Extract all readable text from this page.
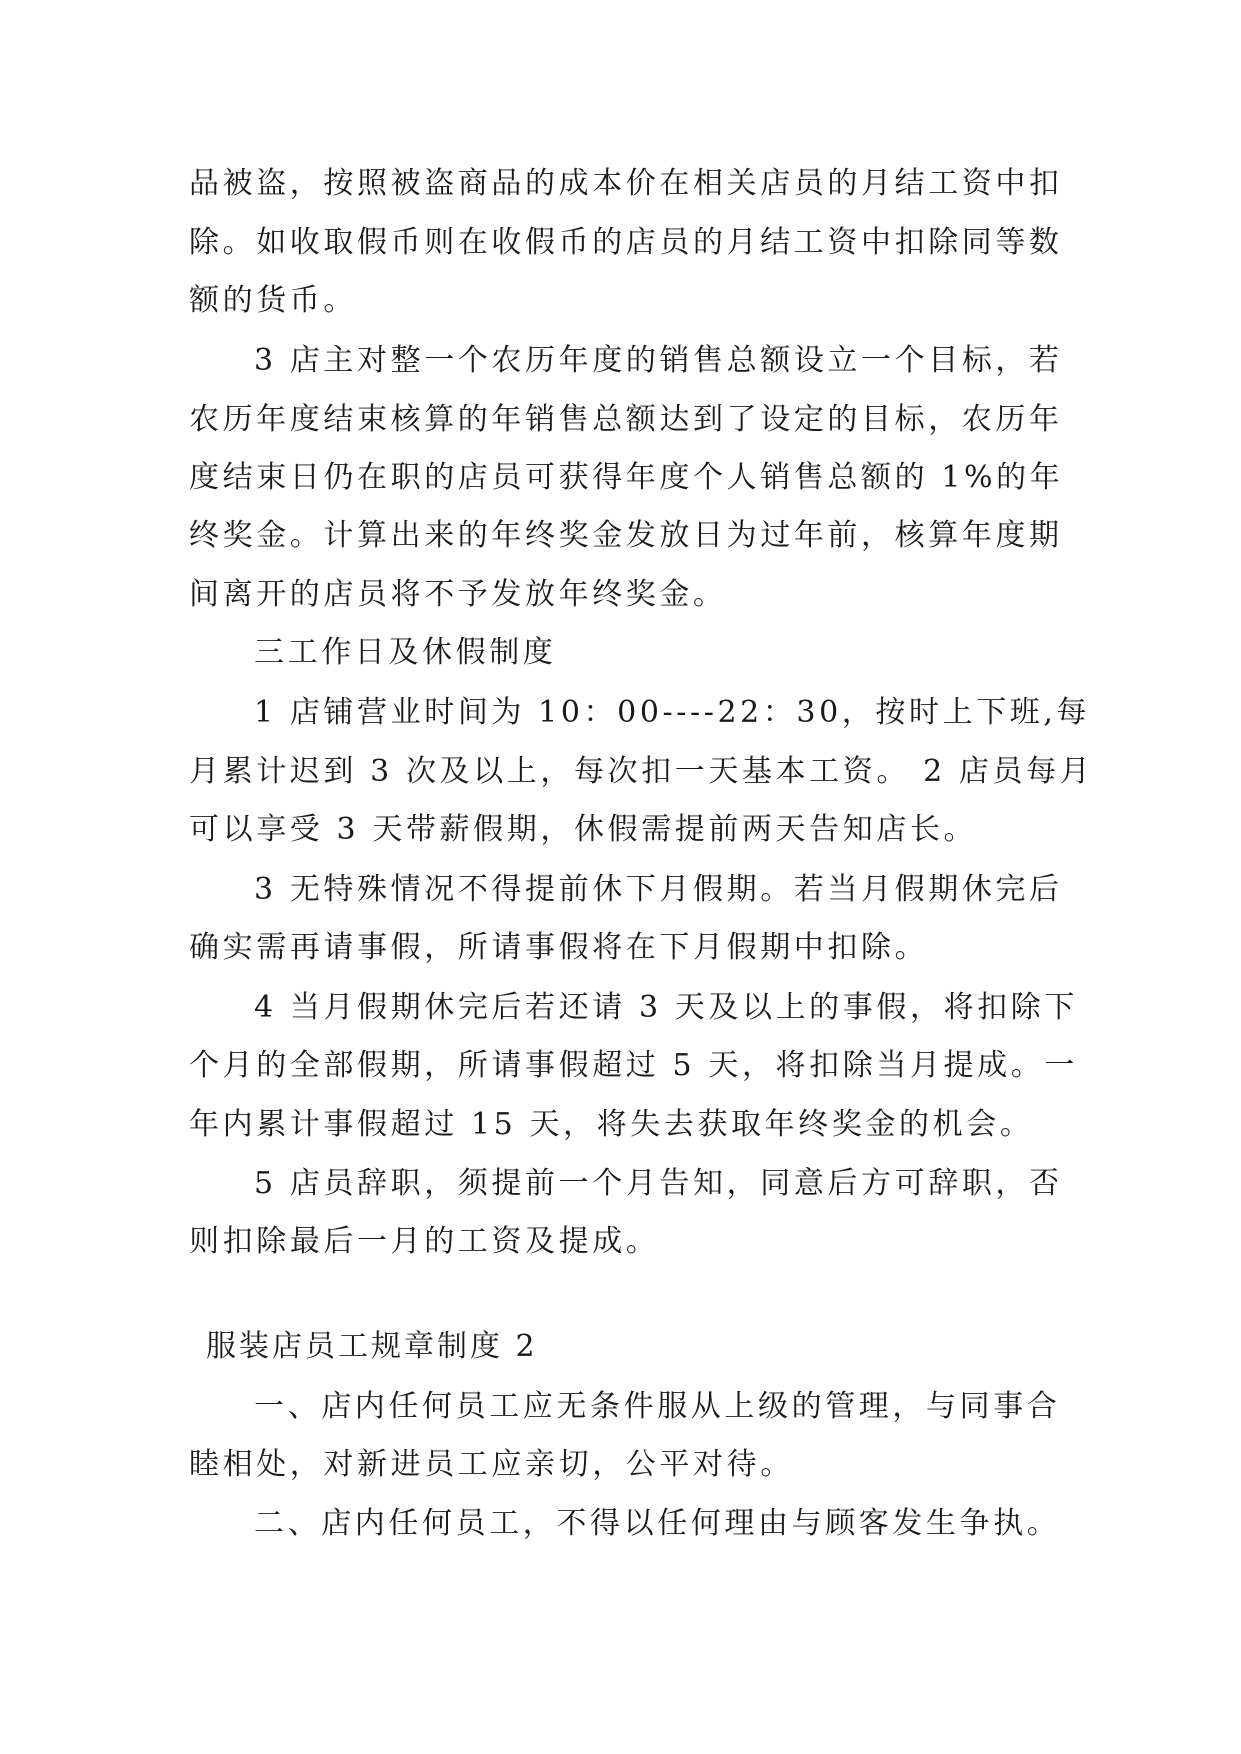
品被盗，按照被盗商品的成本价在相关店员的月结工资中扣
除。如收取假币则在收假币的店员的月结工资中扣除同等数
额的货币。
3 店主对整一个农历年度的销售总额设立一个目标，若
农历年度结束核算的年销售总额达到了设定的目标，农历年
度结束日仍在职的店员可获得年度个人销售总额的 1%的年
终奖金。计算出来的年终奖金发放日为过年前，核算年度期
间离开的店员将不予发放年终奖金。
三工作日及休假制度
1 店铺营业时间为 10：00----22：30，按时上下班,每
月累计迟到 3 次及以上，每次扣一天基本工资。 2 店员每月
可以享受 3 天带薪假期，休假需提前两天告知店长。
3 无特殊情况不得提前休下月假期。若当月假期休完后
确实需再请事假，所请事假将在下月假期中扣除。
4 当月假期休完后若还请 3 天及以上的事假，将扣除下
个月的全部假期，所请事假超过 5 天，将扣除当月提成。一
年内累计事假超过 15 天，将失去获取年终奖金的机会。
5 店员辞职，须提前一个月告知，同意后方可辞职，否
则扣除最后一月的工资及提成。
服装店员工规章制度 2
一、店内任何员工应无条件服从上级的管理，与同事合
睦相处，对新进员工应亲切，公平对待。
二、店内任何员工，不得以任何理由与顾客发生争执。
